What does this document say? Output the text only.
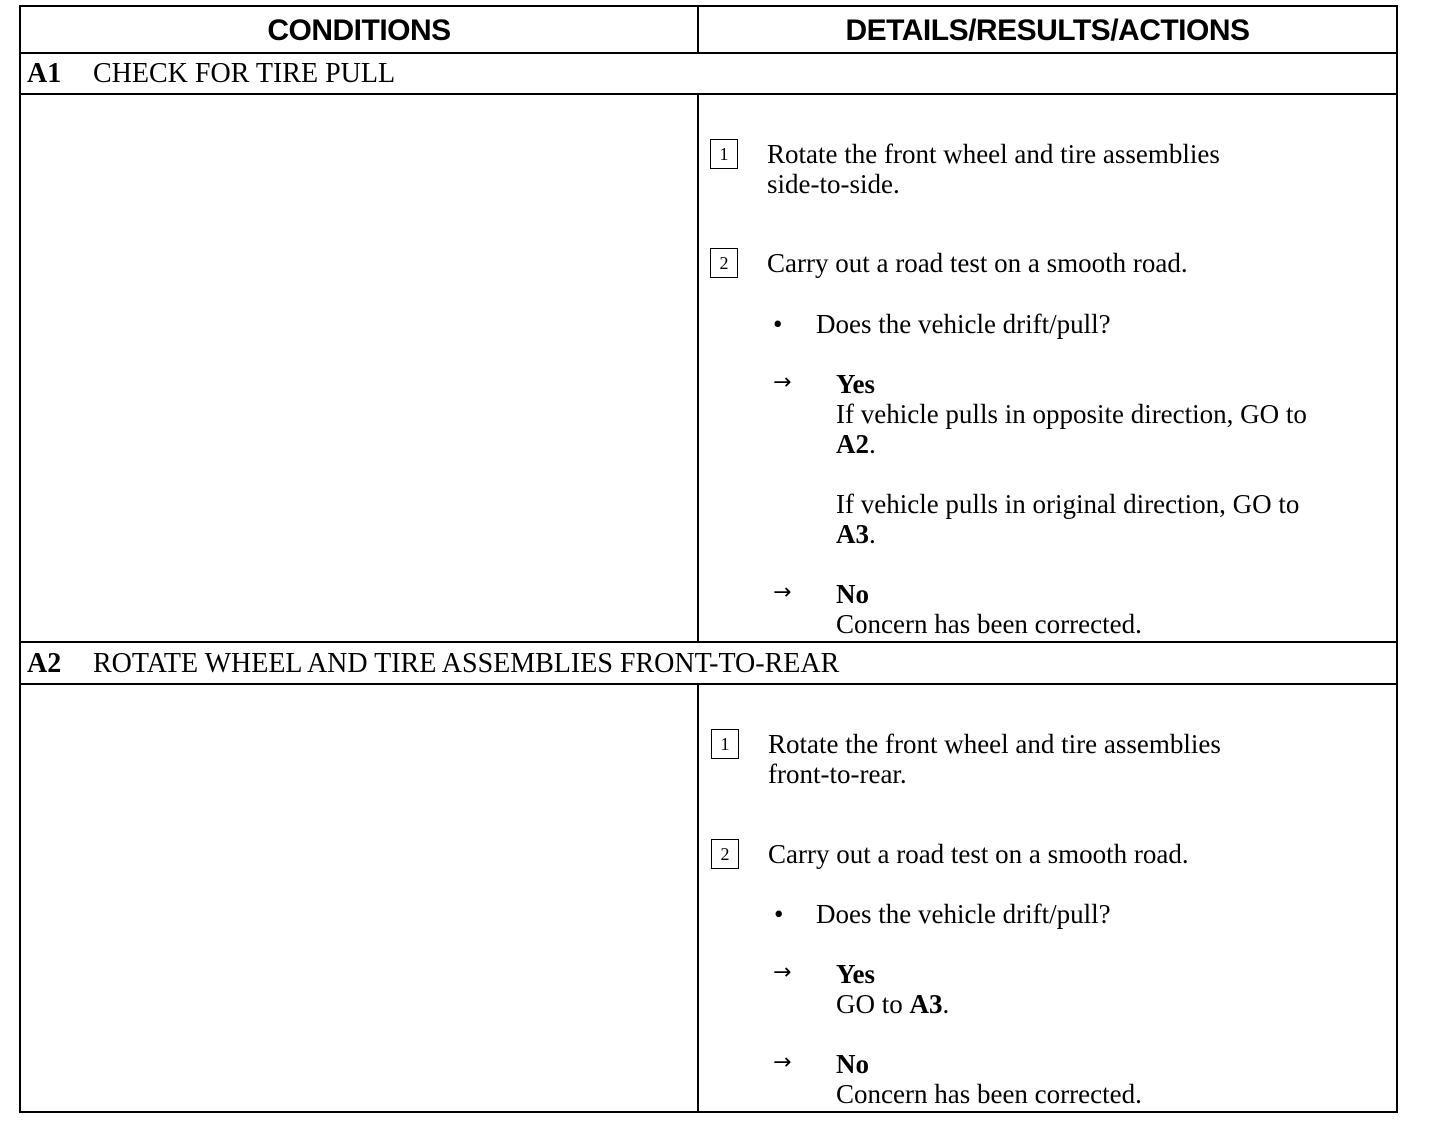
CONDITIONS	DETAILS/RESULTS/ACTIONS
A1	CHECK FOR TIRE PULL
1	Rotate the front wheel and tire assemblies
side-to-side.
2	Carry out a road test on a smooth road.
• Does the vehicle drift/pull?
→ Yes
If vehicle pulls in opposite direction, GO to
A2.
If vehicle pulls in original direction, GO to
A3.
→ No
Concern has been corrected.
A2	ROTATE WHEEL AND TIRE ASSEMBLIES FRONT-TO-REAR
1	Rotate the front wheel and tire assemblies
front-to-rear.
2	Carry out a road test on a smooth road.
• Does the vehicle drift/pull?
→ Yes
GO to A3.
→ No
Concern has been corrected.
